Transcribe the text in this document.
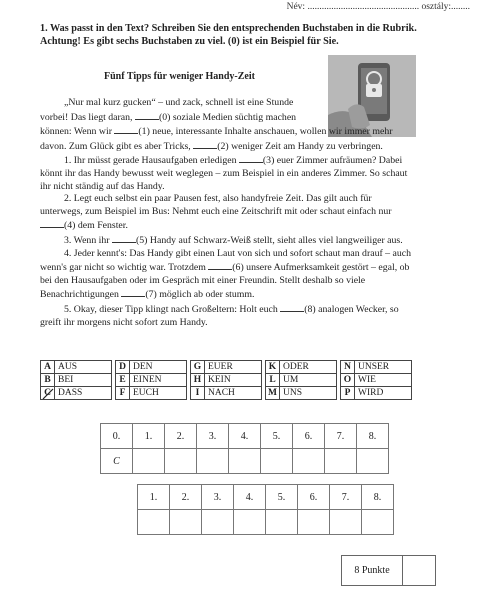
Név: ............................................... osztály:........
1. Was passt in den Text? Schreiben Sie den entsprechenden Buchstaben in die Rubrik.
Achtung! Es gibt sechs Buchstaben zu viel. (0) ist ein Beispiel für Sie.
Fünf Tipps für weniger Handy-Zeit

„Nur mal kurz gucken“ – und zack, schnell ist eine Stunde

vorbei! Das liegt daran, (0) soziale Medien süchtig machen

können: Wenn wir (1) neue, interessante Inhalte anschauen, wollen wir immer mehr

davon. Zum Glück gibt es aber Tricks, (2) weniger Zeit am Handy zu verbringen.

1. Ihr müsst gerade Hausaufgaben erledigen (3) euer Zimmer aufräumen? Dabei

könnt ihr das Handy bewusst weit weglegen – zum Beispiel in ein anderes Zimmer. So schaut

ihr nicht ständig auf das Handy.

2. Legt euch selbst ein paar Pausen fest, also handyfreie Zeit. Das gilt auch für

unterwegs, zum Beispiel im Bus: Nehmt euch eine Zeitschrift mit oder schaut einfach nur

(4) dem Fenster.

3. Wenn ihr (5) Handy auf Schwarz-Weiß stellt, sieht alles viel langweiliger aus.

4. Jeder kennt's: Das Handy gibt einen Laut von sich und sofort schaut man drauf – auch

wenn's gar nicht so wichtig war. Trotzdem (6) unsere Aufmerksamkeit gestört – egal, ob

bei den Hausaufgaben oder im Gespräch mit einer Freundin. Stellt deshalb so viele

Benachrichtigungen (7) möglich ab oder stumm.

5. Okay, dieser Tipp klingt nach Großeltern: Holt euch (8) analogen Wecker, so

greift ihr morgens nicht sofort zum Handy.

A	AUS		D	DEN		G	EUER		K	ODER		N	UNSER
B	BEI		E	EINEN		H	KEIN		L	UM		O	WIE
C	DASS		F	EUCH		I	NACH		M	UNS		P	WIRD
0.	1.	2.	3.	4.	5.	6.	7.	8.
C								
1.	2.	3.	4.	5.	6.	7.	8.

8 Punkte
